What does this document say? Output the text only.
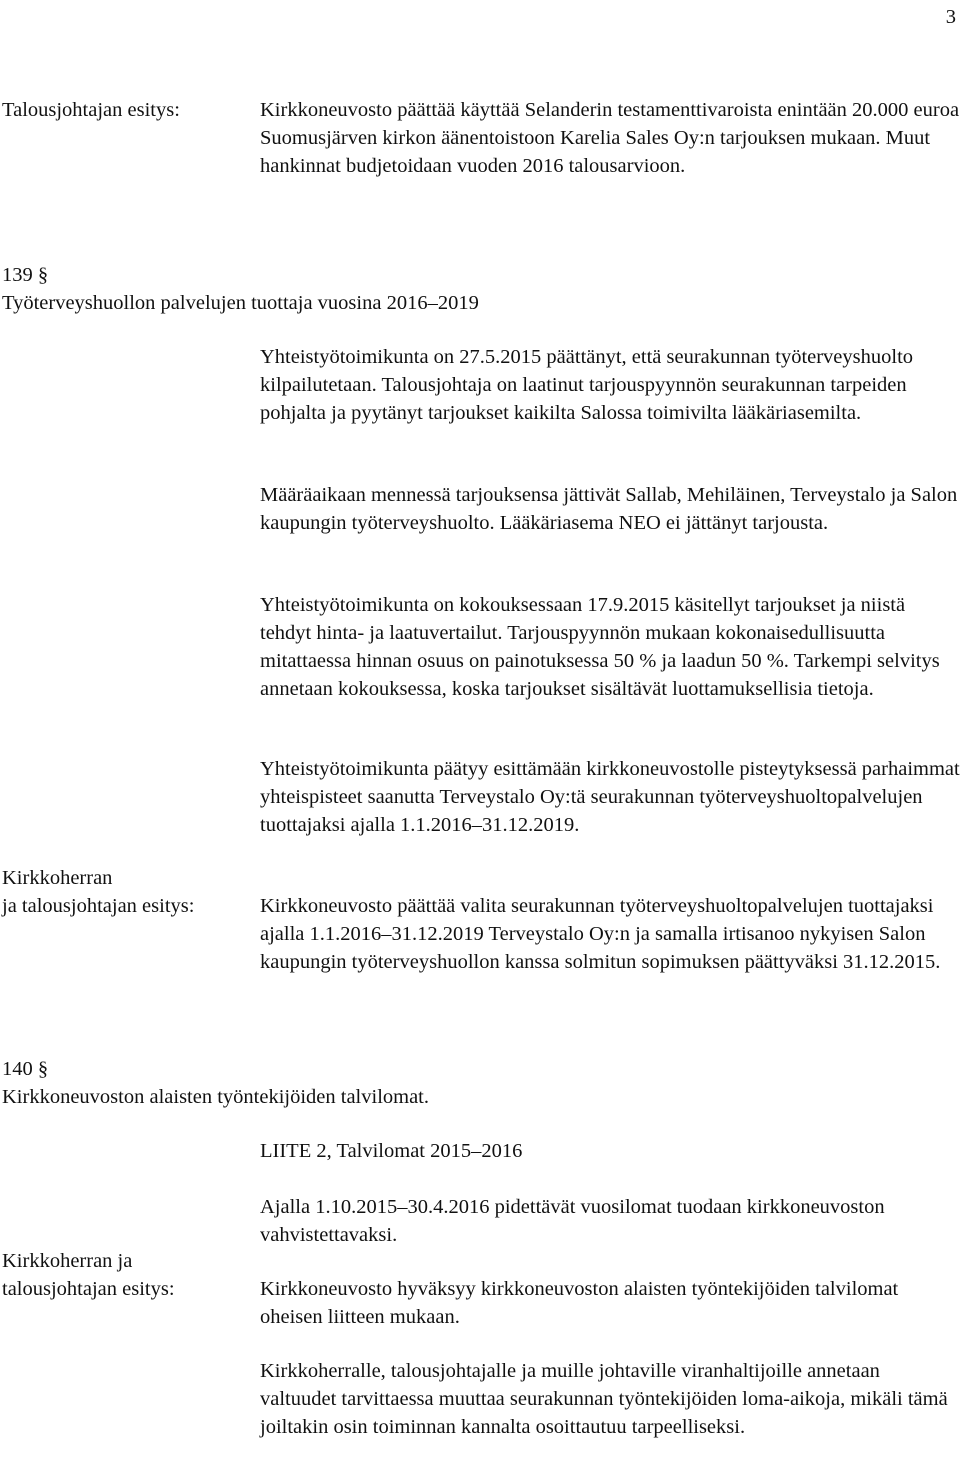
3

Talousjohtajan esitys:	Kirkkoneuvosto päättää käyttää Selanderin testamenttivaroista enintään 20.000 euroa Suomusjärven kirkon äänentoistoon Karelia Sales Oy:n tarjouksen mukaan. Muut hankinnat budjetoidaan vuoden 2016 talousarvioon.

139 §
Työterveyshuollon palvelujen tuottaja vuosina 2016–2019

Yhteistyötoimikunta on 27.5.2015 päättänyt, että seurakunnan työterveyshuolto kilpailutetaan. Talousjohtaja on laatinut tarjouspyynnön seurakunnan tarpeiden pohjalta ja pyytänyt tarjoukset kaikilta Salossa toimivilta lääkäriasemilta.

Määräaikaan mennessä tarjouksensa jättivät Sallab, Mehiläinen, Terveystalo ja Salon kaupungin työterveyshuolto. Lääkäriasema NEO ei jättänyt tarjousta.

Yhteistyötoimikunta on kokouksessaan 17.9.2015 käsitellyt tarjoukset ja niistä tehdyt hinta- ja laatuvertailut. Tarjouspyynnön mukaan kokonaisedullisuutta mitattaessa hinnan osuus on painotuksessa 50 % ja laadun 50 %. Tarkempi selvitys annetaan kokouksessa, koska tarjoukset sisältävät luottamuksellisia tietoja.

Yhteistyötoimikunta päätyy esittämään kirkkoneuvostolle pisteytyksessä parhaimmat yhteispisteet saanutta Terveystalo Oy:tä seurakunnan työterveyshuoltopalvelujen tuottajaksi ajalla 1.1.2016–31.12.2019.

Kirkkoherran
ja talousjohtajan esitys:	Kirkkoneuvosto päättää valita seurakunnan työterveyshuoltopalvelujen tuottajaksi ajalla 1.1.2016–31.12.2019 Terveystalo Oy:n ja samalla irtisanoo nykyisen Salon kaupungin työterveyshuollon kanssa solmitun sopimuksen päättyväksi 31.12.2015.

140 §
Kirkkoneuvoston alaisten työntekijöiden talvilomat.

LIITE 2, Talvilomat 2015–2016

Ajalla 1.10.2015–30.4.2016 pidettävät vuosilomat tuodaan kirkkoneuvoston vahvistettavaksi.

Kirkkoherran ja
talousjohtajan esitys:	Kirkkoneuvosto hyväksyy kirkkoneuvoston alaisten työntekijöiden talvilomat oheisen liitteen mukaan.

Kirkkoherralle, talousjohtajalle ja muille johtaville viranhaltijoille annetaan valtuudet tarvittaessa muuttaa seurakunnan työntekijöiden loma-aikoja, mikäli tämä joiltakin osin toiminnan kannalta osoittautuu tarpeelliseksi.
